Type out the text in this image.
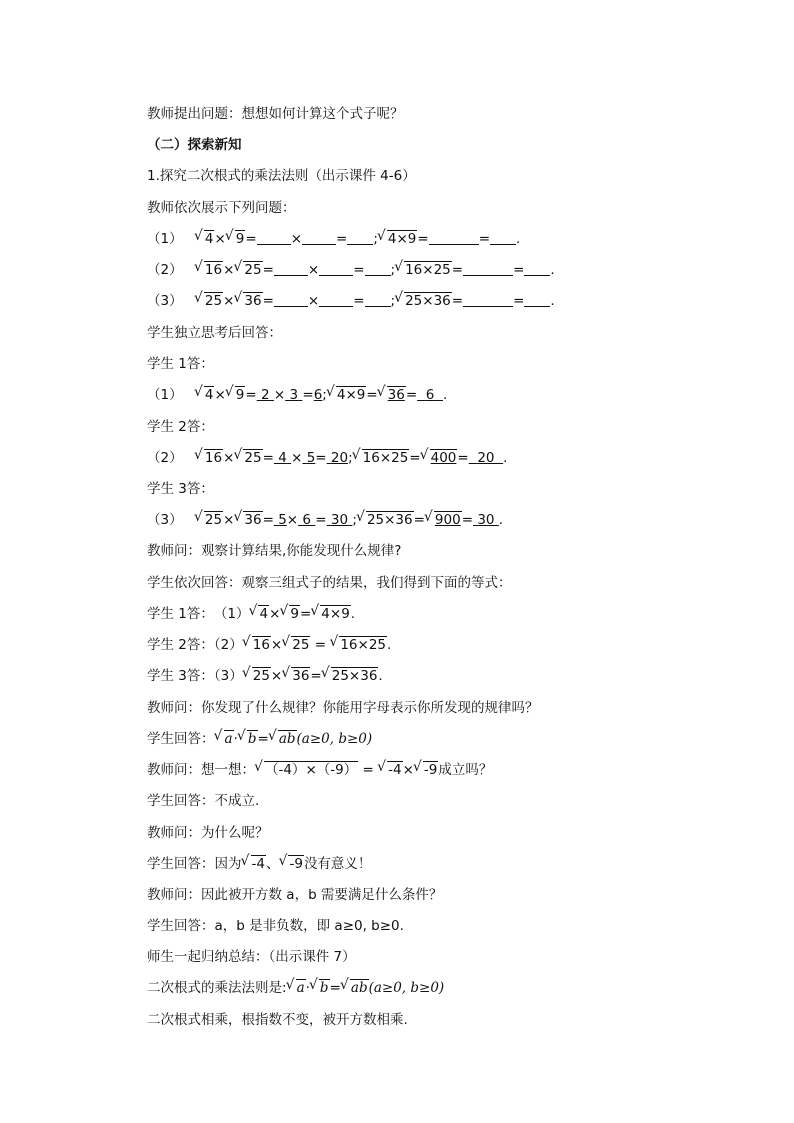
教师提出问题：想想如何计算这个式子呢？
（二）探索新知
1.探究二次根式的乘法法则（出示课件 4-6）
教师依次展示下列问题：
（1） √ 4× √ 9=	×	= ; √ 4×9=	= .
（2） √ 16× √ 25=	×	= ; √ 16×25=	= .
（3） √ 25× √ 36=	×	= ; √ 25×36=	= .
学生独立思考后回答：
学生 1答：
（1） √ 4× √ 9= 2 × 3 =6; √ 4×9= √ 36= 6 .
学生 2答：
（2） √ 16× √ 25= 4 × 5= 20; √ 16×25= √ 400= 20 .
学生 3答：
（3） √ 25× √ 36= 5× 6 = 30 ; √ 25×36= √ 900= 30 .
教师问：观察计算结果,你能发现什么规律?
学生依次回答：观察三组式子的结果，我们得到下面的等式：
学生 1答：　（1） √ 4× √ 9= √ 4×9.
学生 2答：（2） √ 16× √ 25 = √ 16×25.
学生 3答：（3） √ 25× √ 36= √ 25×36.
教师问：你发现了什么规律？你能用字母表示你所发现的规律吗？
学生回答： √ a· √ b= √ ab(a≥0, b≥0)
教师问：想一想： √ （-4）×（-9） = √ -4× √ -9成立吗？
学生回答：不成立.
教师问：为什么呢？
学生回答：因为 √ -4、 √ -9没有意义！
教师问：因此被开方数 a，b 需要满足什么条件？
学生回答：a，b 是非负数，即 a≥0, b≥0.
师生一起归纳总结：（出示课件 7）
二次根式的乘法法则是: √ a· √ b= √ ab(a≥0, b≥0)
二次根式相乘，根指数不变，被开方数相乘.
